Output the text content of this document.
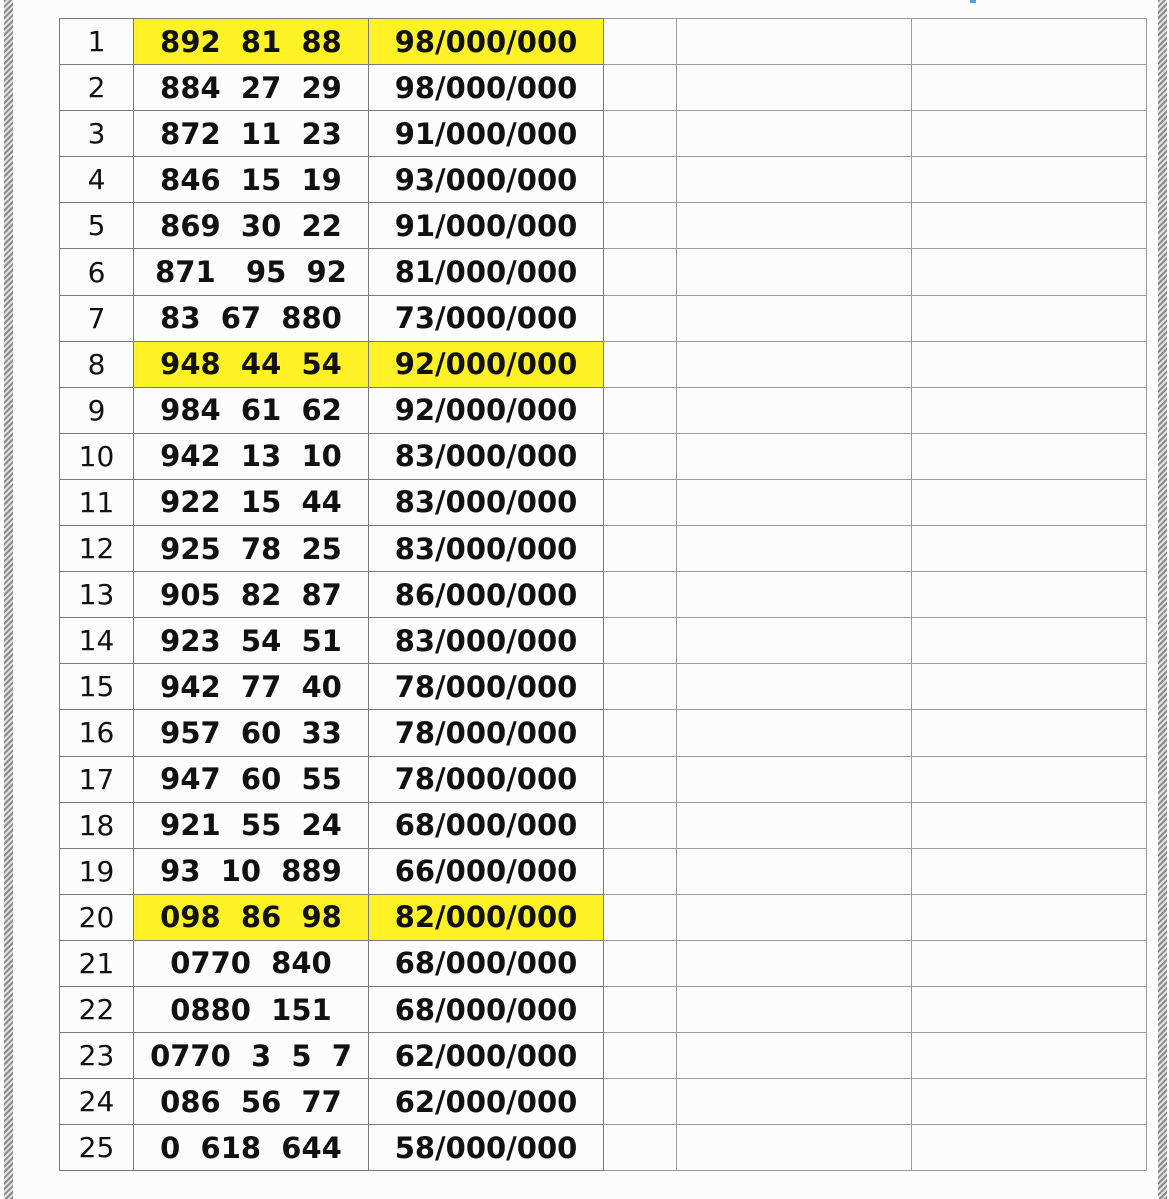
1	892  81  88	98/000/000			
2	884  27  29	98/000/000			
3	872  11  23	91/000/000			
4	846  15  19	93/000/000			
5	869  30  22	91/000/000			
6	871   95  92	81/000/000			
7	83  67  880	73/000/000			
8	948  44  54	92/000/000			
9	984  61  62	92/000/000			
10	942  13  10	83/000/000			
11	922  15  44	83/000/000			
12	925  78  25	83/000/000			
13	905  82  87	86/000/000			
14	923  54  51	83/000/000			
15	942  77  40	78/000/000			
16	957  60  33	78/000/000			
17	947  60  55	78/000/000			
18	921  55  24	68/000/000			
19	93  10  889	66/000/000			
20	098  86  98	82/000/000			
21	0770  840	68/000/000			
22	0880  151	68/000/000			
23	0770  3  5  7	62/000/000			
24	086  56  77	62/000/000			
25	0  618  644	58/000/000			
